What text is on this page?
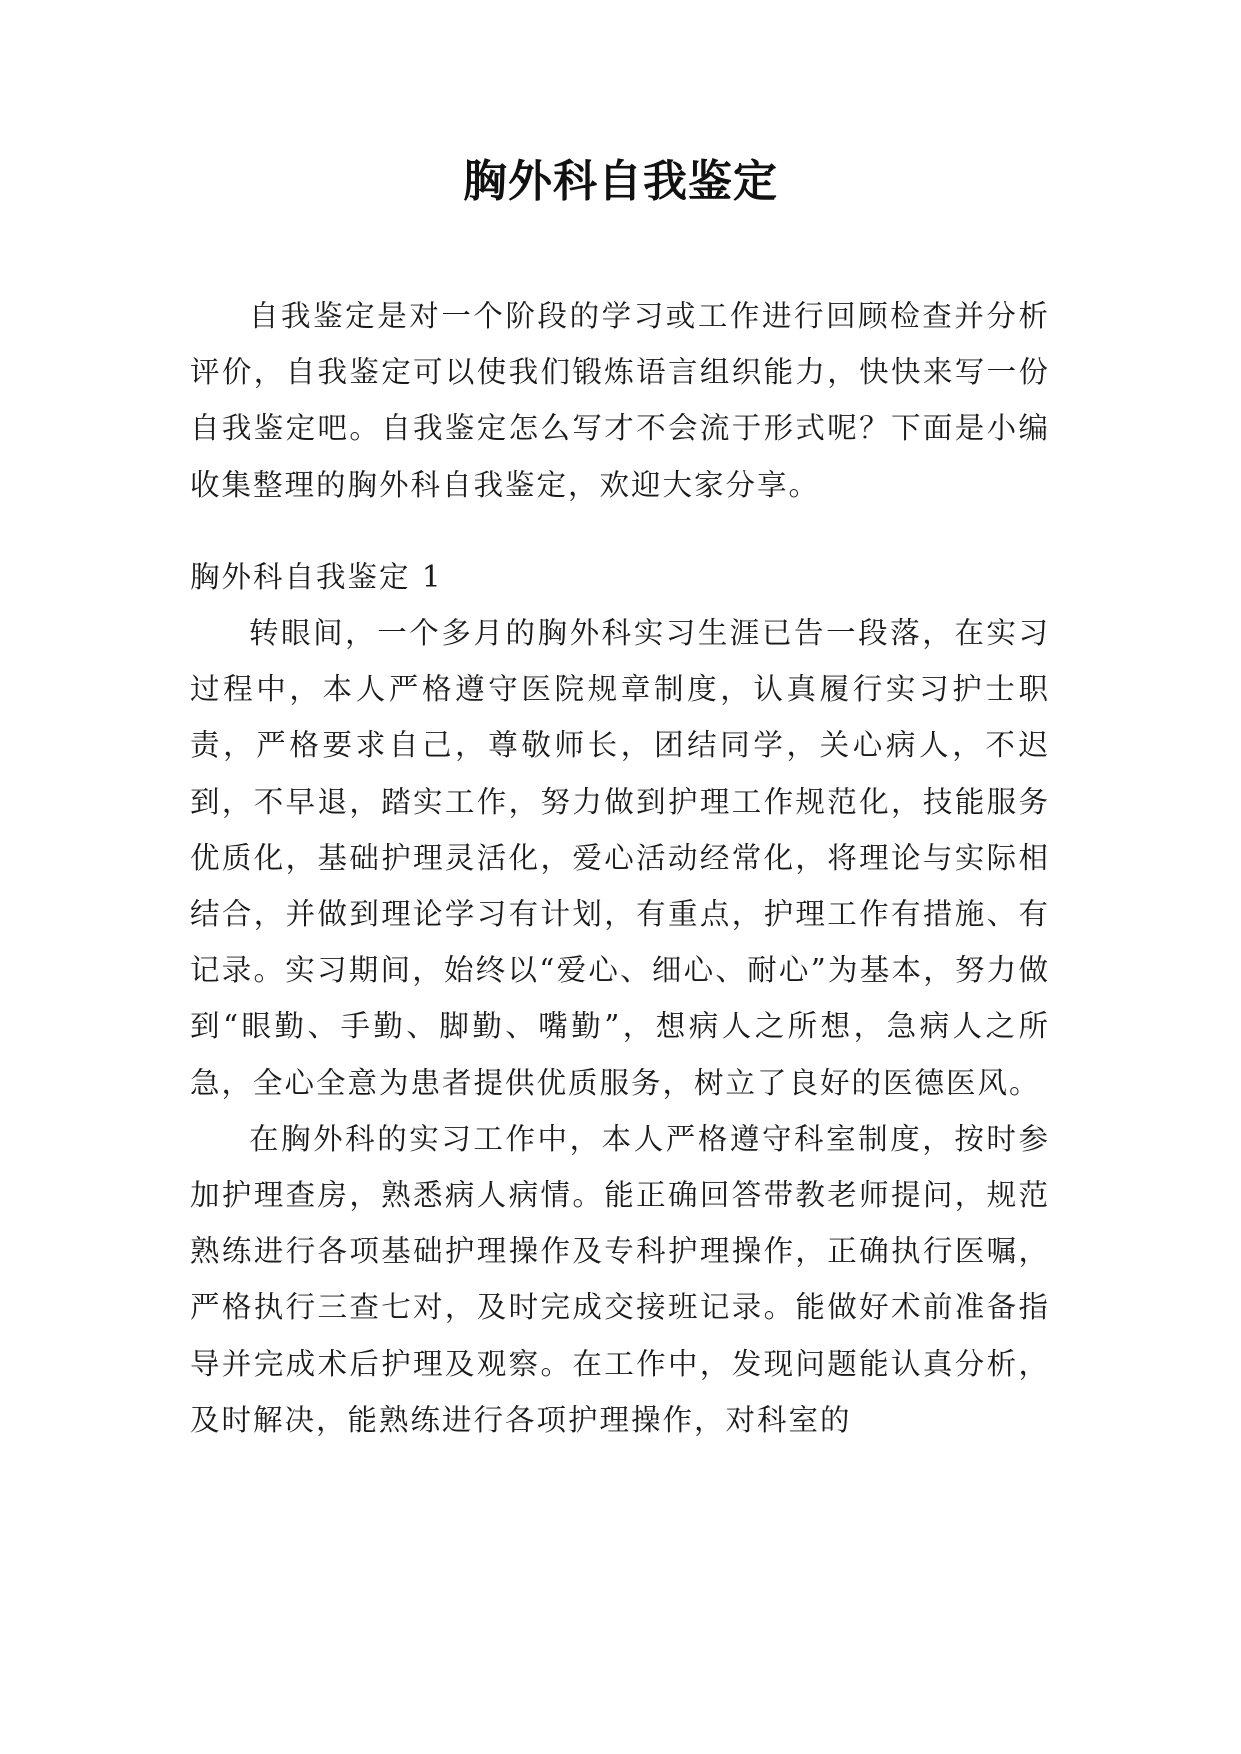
胸外科自我鉴定

自我鉴定是对一个阶段的学习或工作进行回顾检查并分析评价，自我鉴定可以使我们锻炼语言组织能力，快快来写一份自我鉴定吧。自我鉴定怎么写才不会流于形式呢？下面是小编收集整理的胸外科自我鉴定，欢迎大家分享。

胸外科自我鉴定 1

转眼间，一个多月的胸外科实习生涯已告一段落，在实习过程中，本人严格遵守医院规章制度，认真履行实习护士职责，严格要求自己，尊敬师长，团结同学，关心病人，不迟到，不早退，踏实工作，努力做到护理工作规范化，技能服务优质化，基础护理灵活化，爱心活动经常化，将理论与实际相结合，并做到理论学习有计划，有重点，护理工作有措施、有记录。实习期间，始终以“爱心、细心、耐心”为基本，努力做到“眼勤、手勤、脚勤、嘴勤”，想病人之所想，急病人之所急，全心全意为患者提供优质服务，树立了良好的医德医风。

在胸外科的实习工作中，本人严格遵守科室制度，按时参加护理查房，熟悉病人病情。能正确回答带教老师提问，规范熟练进行各项基础护理操作及专科护理操作，正确执行医嘱，严格执行三查七对，及时完成交接班记录。能做好术前准备指导并完成术后护理及观察。在工作中，发现问题能认真分析，及时解决，能熟练进行各项护理操作，对科室的
